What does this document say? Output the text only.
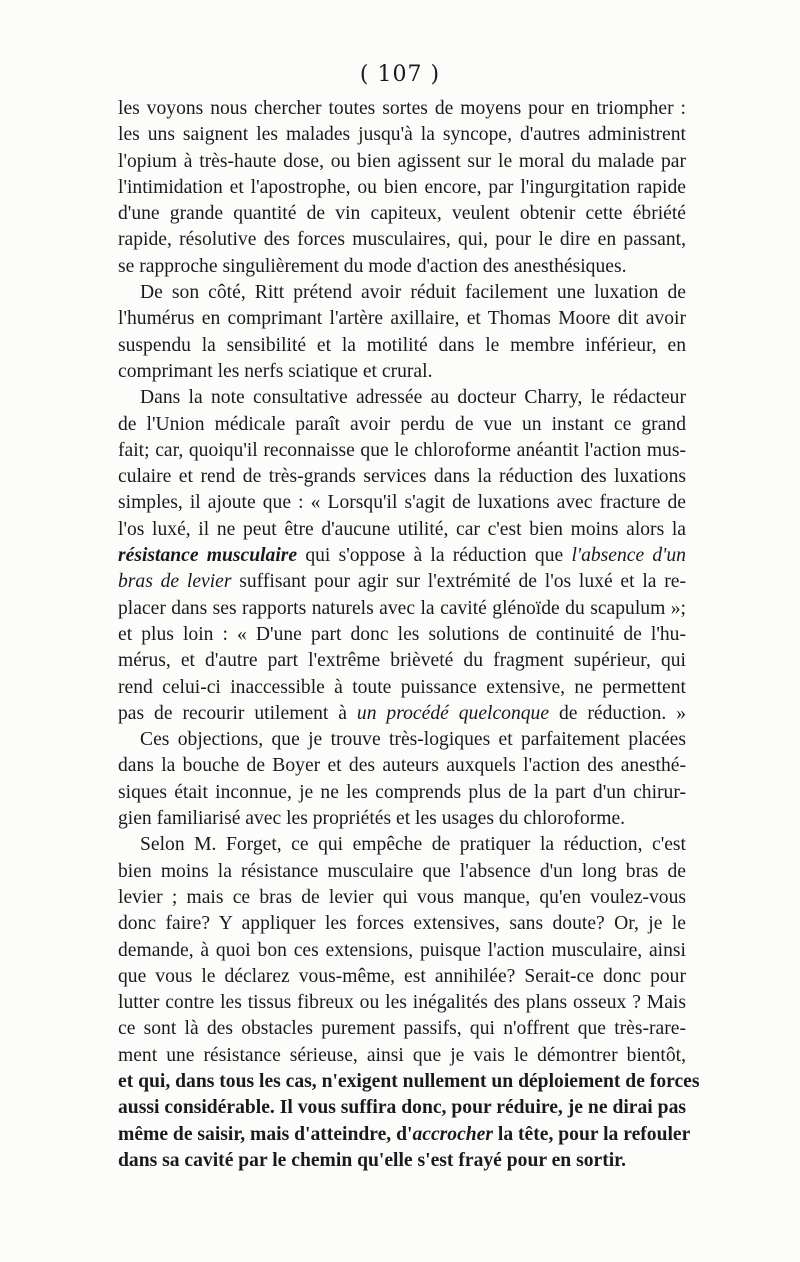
( 107 )
les voyons nous chercher toutes sortes de moyens pour en triompher :
les uns saignent les malades jusqu'à la syncope, d'autres administrent
l'opium à très-haute dose, ou bien agissent sur le moral du malade par
l'intimidation et l'apostrophe, ou bien encore, par l'ingurgitation rapide
d'une grande quantité de vin capiteux, veulent obtenir cette ébriété
rapide, résolutive des forces musculaires, qui, pour le dire en passant,
se rapproche singulièrement du mode d'action des anesthésiques.
De son côté, Ritt prétend avoir réduit facilement une luxation de
l'humérus en comprimant l'artère axillaire, et Thomas Moore dit avoir
suspendu la sensibilité et la motilité dans le membre inférieur, en
comprimant les nerfs sciatique et crural.
Dans la note consultative adressée au docteur Charry, le rédacteur
de l'Union médicale paraît avoir perdu de vue un instant ce grand
fait; car, quoiqu'il reconnaisse que le chloroforme anéantit l'action mus-
culaire et rend de très-grands services dans la réduction des luxations
simples, il ajoute que : « Lorsqu'il s'agit de luxations avec fracture de
l'os luxé, il ne peut être d'aucune utilité, car c'est bien moins alors la
résistance musculaire qui s'oppose à la réduction que l'absence d'un
bras de levier suffisant pour agir sur l'extrémité de l'os luxé et la re-
placer dans ses rapports naturels avec la cavité glénoïde du scapulum »;
et plus loin : « D'une part donc les solutions de continuité de l'hu-
mérus, et d'autre part l'extrême brièveté du fragment supérieur, qui
rend celui-ci inaccessible à toute puissance extensive, ne permettent
pas de recourir utilement à un procédé quelconque de réduction. »
Ces objections, que je trouve très-logiques et parfaitement placées
dans la bouche de Boyer et des auteurs auxquels l'action des anesthé-
siques était inconnue, je ne les comprends plus de la part d'un chirur-
gien familiarisé avec les propriétés et les usages du chloroforme.
Selon M. Forget, ce qui empêche de pratiquer la réduction, c'est
bien moins la résistance musculaire que l'absence d'un long bras de
levier ; mais ce bras de levier qui vous manque, qu'en voulez-vous
donc faire? Y appliquer les forces extensives, sans doute? Or, je le
demande, à quoi bon ces extensions, puisque l'action musculaire, ainsi
que vous le déclarez vous-même, est annihilée? Serait-ce donc pour
lutter contre les tissus fibreux ou les inégalités des plans osseux ? Mais
ce sont là des obstacles purement passifs, qui n'offrent que très-rare-
ment une résistance sérieuse, ainsi que je vais le démontrer bientôt,
et qui, dans tous les cas, n'exigent nullement un déploiement de forces
aussi considérable. Il vous suffira donc, pour réduire, je ne dirai pas
même de saisir, mais d'atteindre, d'accrocher la tête, pour la refouler
dans sa cavité par le chemin qu'elle s'est frayé pour en sortir.
